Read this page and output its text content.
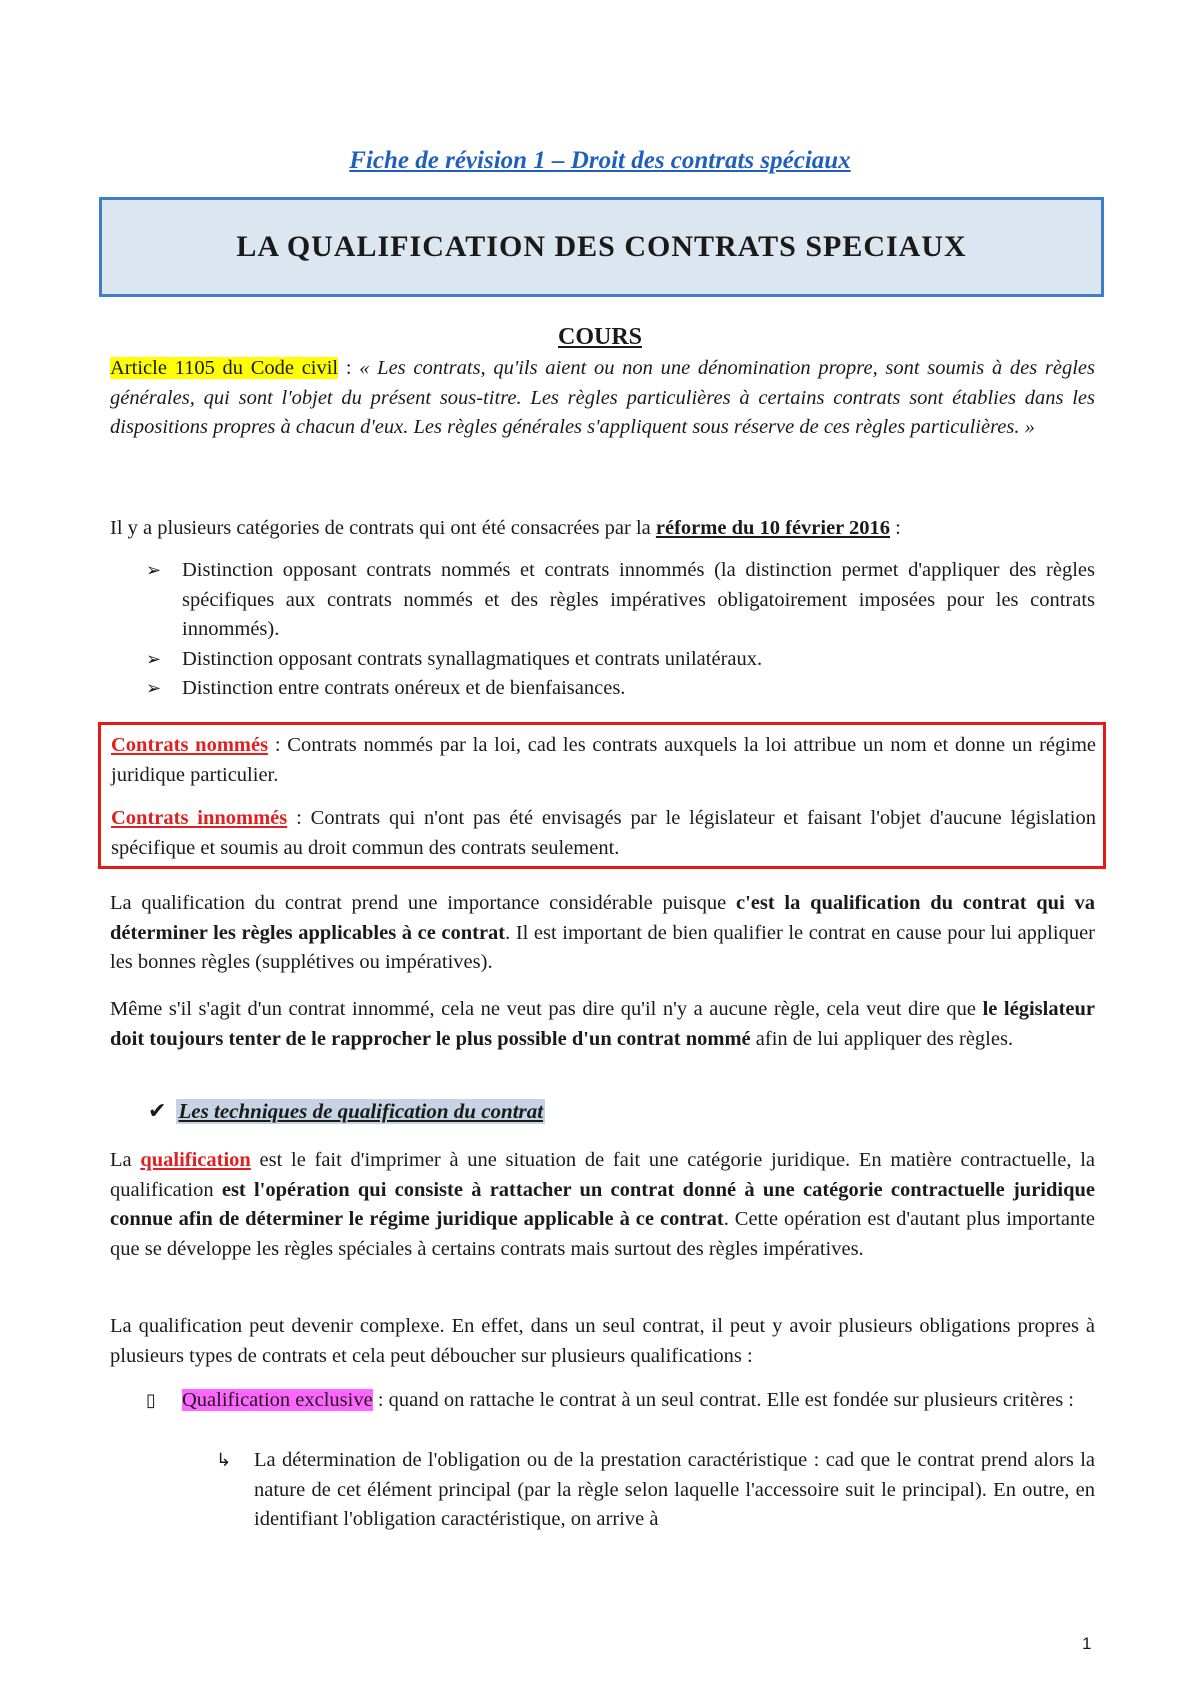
Fiche de révision 1 – Droit des contrats spéciaux
LA QUALIFICATION DES CONTRATS SPECIAUX
COURS
Article 1105 du Code civil : « Les contrats, qu'ils aient ou non une dénomination propre, sont soumis à des règles générales, qui sont l'objet du présent sous-titre. Les règles particulières à certains contrats sont établies dans les dispositions propres à chacun d'eux. Les règles générales s'appliquent sous réserve de ces règles particulières. »
Il y a plusieurs catégories de contrats qui ont été consacrées par la réforme du 10 février 2016 :
➢ Distinction opposant contrats nommés et contrats innommés (la distinction permet d'appliquer des règles spécifiques aux contrats nommés et des règles impératives obligatoirement imposées pour les contrats innommés).
➢ Distinction opposant contrats synallagmatiques et contrats unilatéraux.
➢ Distinction entre contrats onéreux et de bienfaisances.
Contrats nommés : Contrats nommés par la loi, cad les contrats auxquels la loi attribue un nom et donne un régime juridique particulier.
Contrats innommés : Contrats qui n'ont pas été envisagés par le législateur et faisant l'objet d'aucune législation spécifique et soumis au droit commun des contrats seulement.
La qualification du contrat prend une importance considérable puisque c'est la qualification du contrat qui va déterminer les règles applicables à ce contrat. Il est important de bien qualifier le contrat en cause pour lui appliquer les bonnes règles (supplétives ou impératives).
Même s'il s'agit d'un contrat innommé, cela ne veut pas dire qu'il n'y a aucune règle, cela veut dire que le législateur doit toujours tenter de le rapprocher le plus possible d'un contrat nommé afin de lui appliquer des règles.
✔ Les techniques de qualification du contrat
La qualification est le fait d'imprimer à une situation de fait une catégorie juridique. En matière contractuelle, la qualification est l'opération qui consiste à rattacher un contrat donné à une catégorie contractuelle juridique connue afin de déterminer le régime juridique applicable à ce contrat. Cette opération est d'autant plus importante que se développe les règles spéciales à certains contrats mais surtout des règles impératives.
La qualification peut devenir complexe. En effet, dans un seul contrat, il peut y avoir plusieurs obligations propres à plusieurs types de contrats et cela peut déboucher sur plusieurs qualifications :
▯ Qualification exclusive : quand on rattache le contrat à un seul contrat. Elle est fondée sur plusieurs critères :
↳ La détermination de l'obligation ou de la prestation caractéristique : cad que le contrat prend alors la nature de cet élément principal (par la règle selon laquelle l'accessoire suit le principal). En outre, en identifiant l'obligation caractéristique, on arrive à
1
